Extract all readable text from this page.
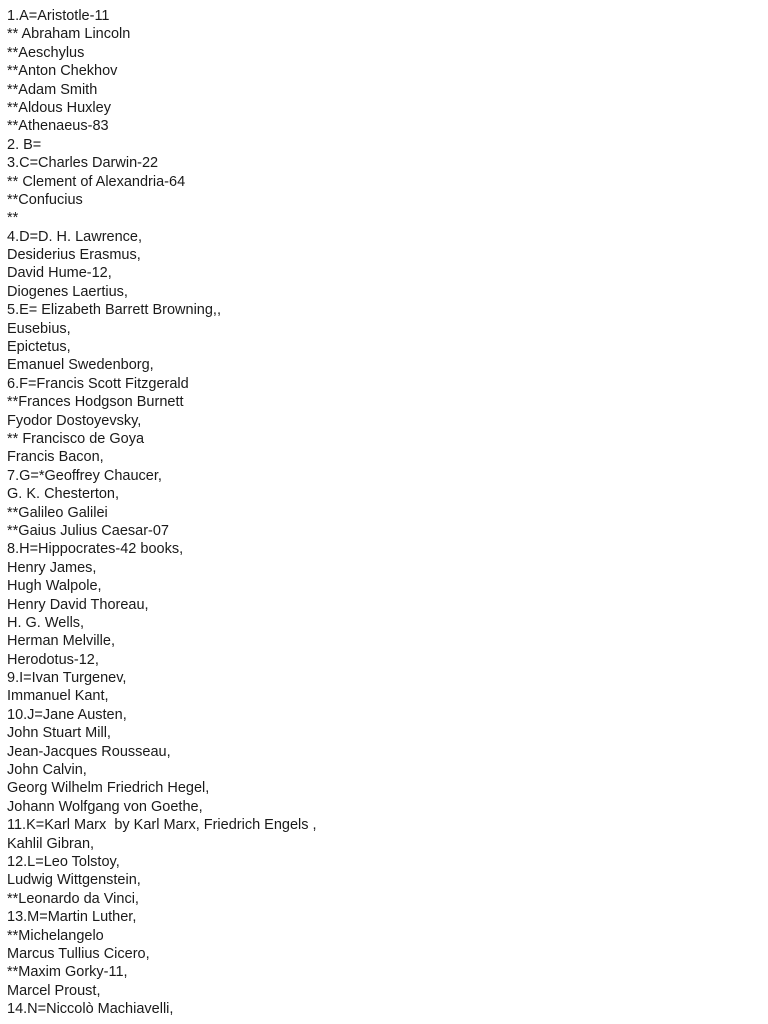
1.A=Aristotle-11
** Abraham Lincoln
**Aeschylus
**Anton Chekhov
**Adam Smith
**Aldous Huxley
**Athenaeus-83
2. B=
3.C=Charles Darwin-22
** Clement of Alexandria-64
**Confucius
**
4.D=D. H. Lawrence,
Desiderius Erasmus,
David Hume-12,
Diogenes Laertius,
5.E= Elizabeth Barrett Browning,,
Eusebius,
Epictetus,
Emanuel Swedenborg,
6.F=Francis Scott Fitzgerald
**Frances Hodgson Burnett
Fyodor Dostoyevsky,
** Francisco de Goya
Francis Bacon,
7.G=*Geoffrey Chaucer,
G. K. Chesterton,
**Galileo Galilei
**Gaius Julius Caesar-07
8.H=Hippocrates-42 books,
Henry James,
Hugh Walpole,
Henry David Thoreau,
H. G. Wells,
Herman Melville,
Herodotus-12,
9.I=Ivan Turgenev,
Immanuel Kant,
10.J=Jane Austen,
John Stuart Mill,
Jean-Jacques Rousseau,
John Calvin,
Georg Wilhelm Friedrich Hegel,
Johann Wolfgang von Goethe,
11.K=Karl Marx  by Karl Marx, Friedrich Engels ,
Kahlil Gibran,
12.L=Leo Tolstoy,
Ludwig Wittgenstein,
**Leonardo da Vinci,
13.M=Martin Luther,
**Michelangelo
Marcus Tullius Cicero,
**Maxim Gorky-11,
Marcel Proust,
14.N=Niccolò Machiavelli,
